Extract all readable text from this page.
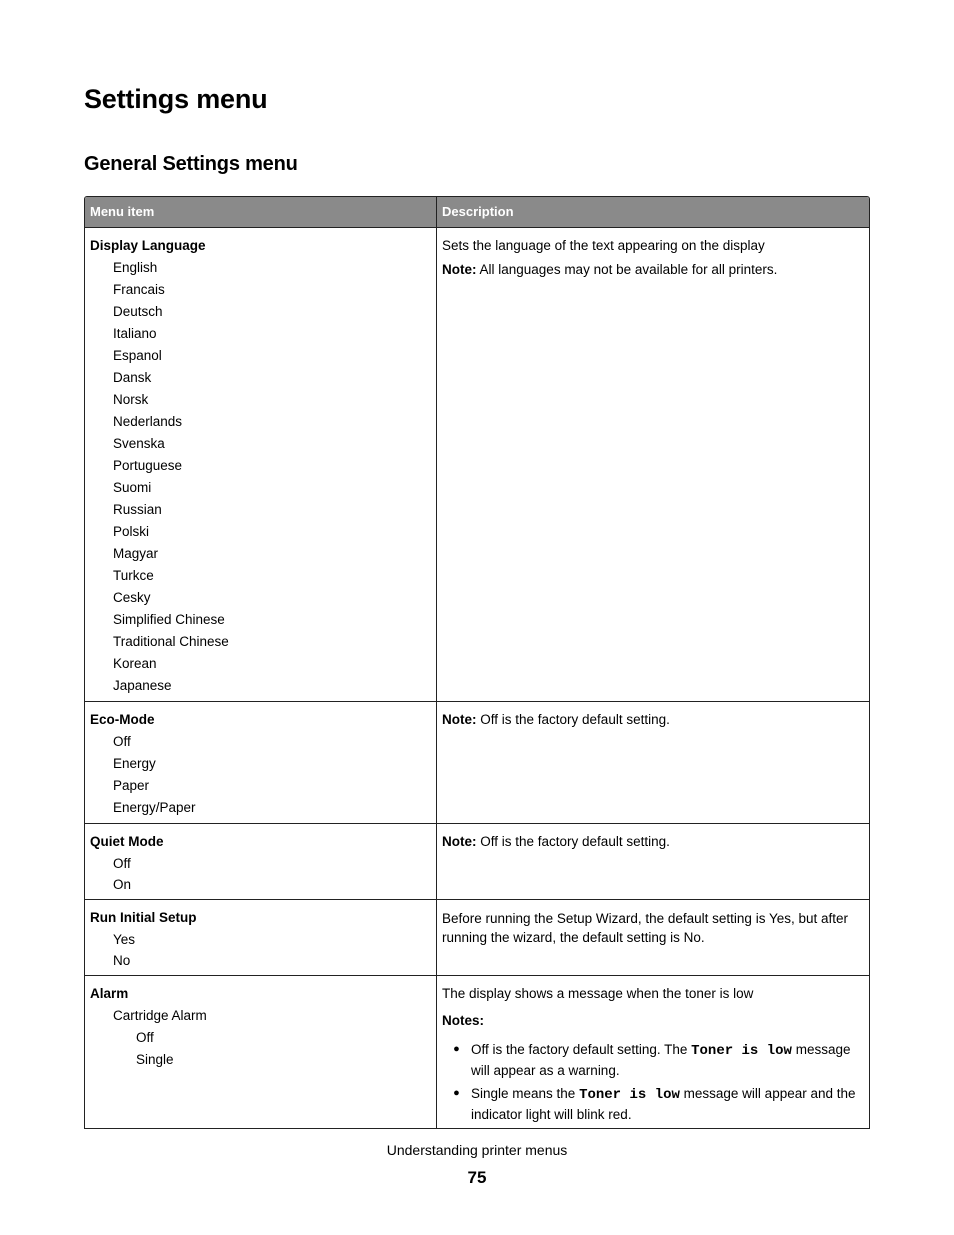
Settings menu
General Settings menu
Menu item	Description
Display Language
English
Francais
Deutsch
Italiano
Espanol
Dansk
Norsk
Nederlands
Svenska
Portuguese
Suomi
Russian
Polski
Magyar
Turkce
Cesky
Simplified Chinese
Traditional Chinese
Korean
Japanese
Sets the language of the text appearing on the display
Note: All languages may not be available for all printers.
Eco-Mode
Off
Energy
Paper
Energy/Paper
Note: Off is the factory default setting.
Quiet Mode
Off
On
Note: Off is the factory default setting.
Run Initial Setup
Yes
No
Before running the Setup Wizard, the default setting is Yes, but after running the wizard, the default setting is No.
Alarm
Cartridge Alarm
Off
Single
The display shows a message when the toner is low
Notes:
● Off is the factory default setting. The Toner is low message will appear as a warning.
● Single means the Toner is low message will appear and the indicator light will blink red.
Understanding printer menus
75
